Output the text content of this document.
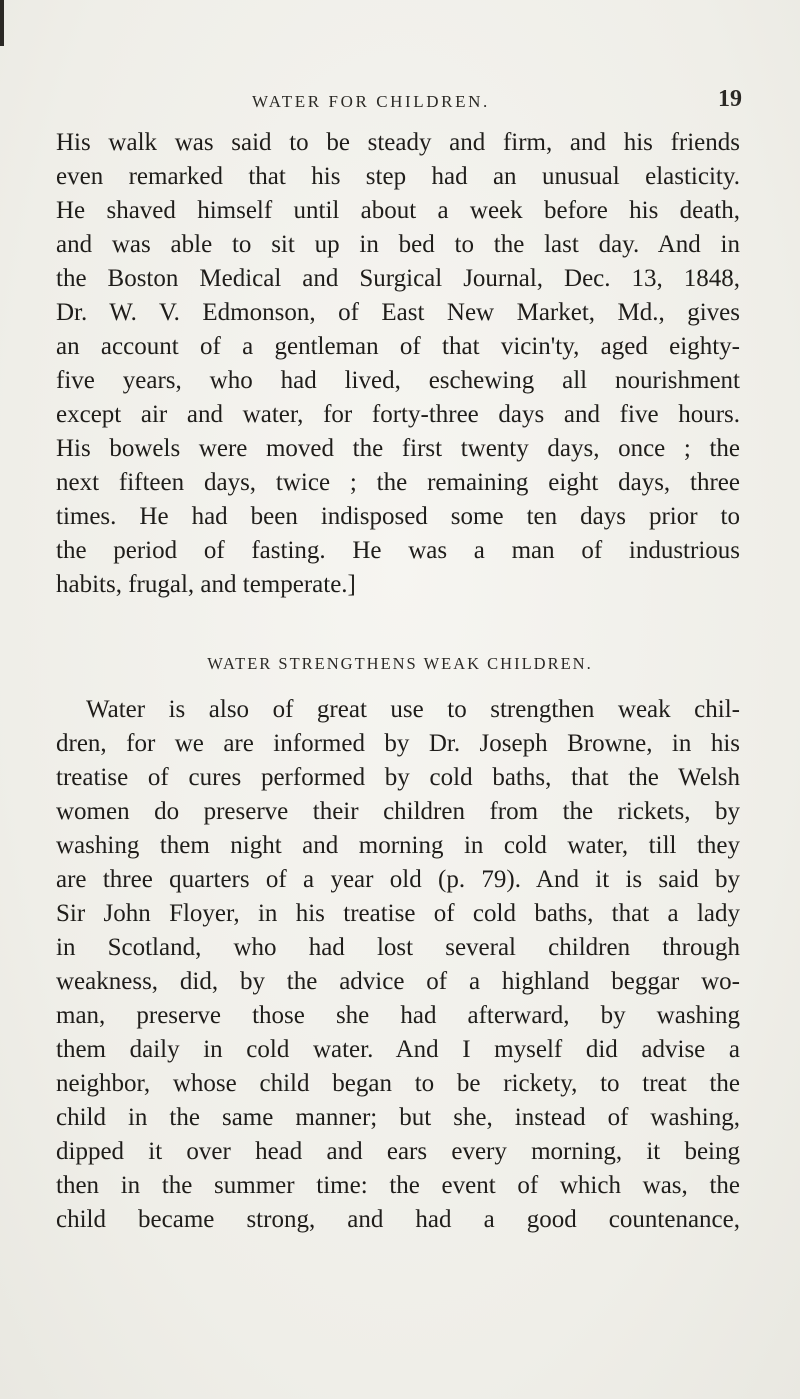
WATER FOR CHILDREN.	19
His walk was said to be steady and firm, and his friends
even remarked that his step had an unusual elasticity.
He shaved himself until about a week before his death,
and was able to sit up in bed to the last day. And in
the Boston Medical and Surgical Journal, Dec. 13, 1848,
Dr. W. V. Edmonson, of East New Market, Md., gives
an account of a gentleman of that vicin'ty, aged eighty-
five years, who had lived, eschewing all nourishment
except air and water, for forty-three days and five hours.
His bowels were moved the first twenty days, once ; the
next fifteen days, twice ; the remaining eight days, three
times. He had been indisposed some ten days prior to
the period of fasting. He was a man of industrious
habits, frugal, and temperate.]
WATER STRENGTHENS WEAK CHILDREN.
Water is also of great use to strengthen weak chil-
dren, for we are informed by Dr. Joseph Browne, in his
treatise of cures performed by cold baths, that the Welsh
women do preserve their children from the rickets, by
washing them night and morning in cold water, till they
are three quarters of a year old (p. 79). And it is said by
Sir John Floyer, in his treatise of cold baths, that a lady
in Scotland, who had lost several children through
weakness, did, by the advice of a highland beggar wo-
man, preserve those she had afterward, by washing
them daily in cold water. And I myself did advise a
neighbor, whose child began to be rickety, to treat the
child in the same manner; but she, instead of washing,
dipped it over head and ears every morning, it being
then in the summer time: the event of which was, the
child became strong, and had a good countenance,
